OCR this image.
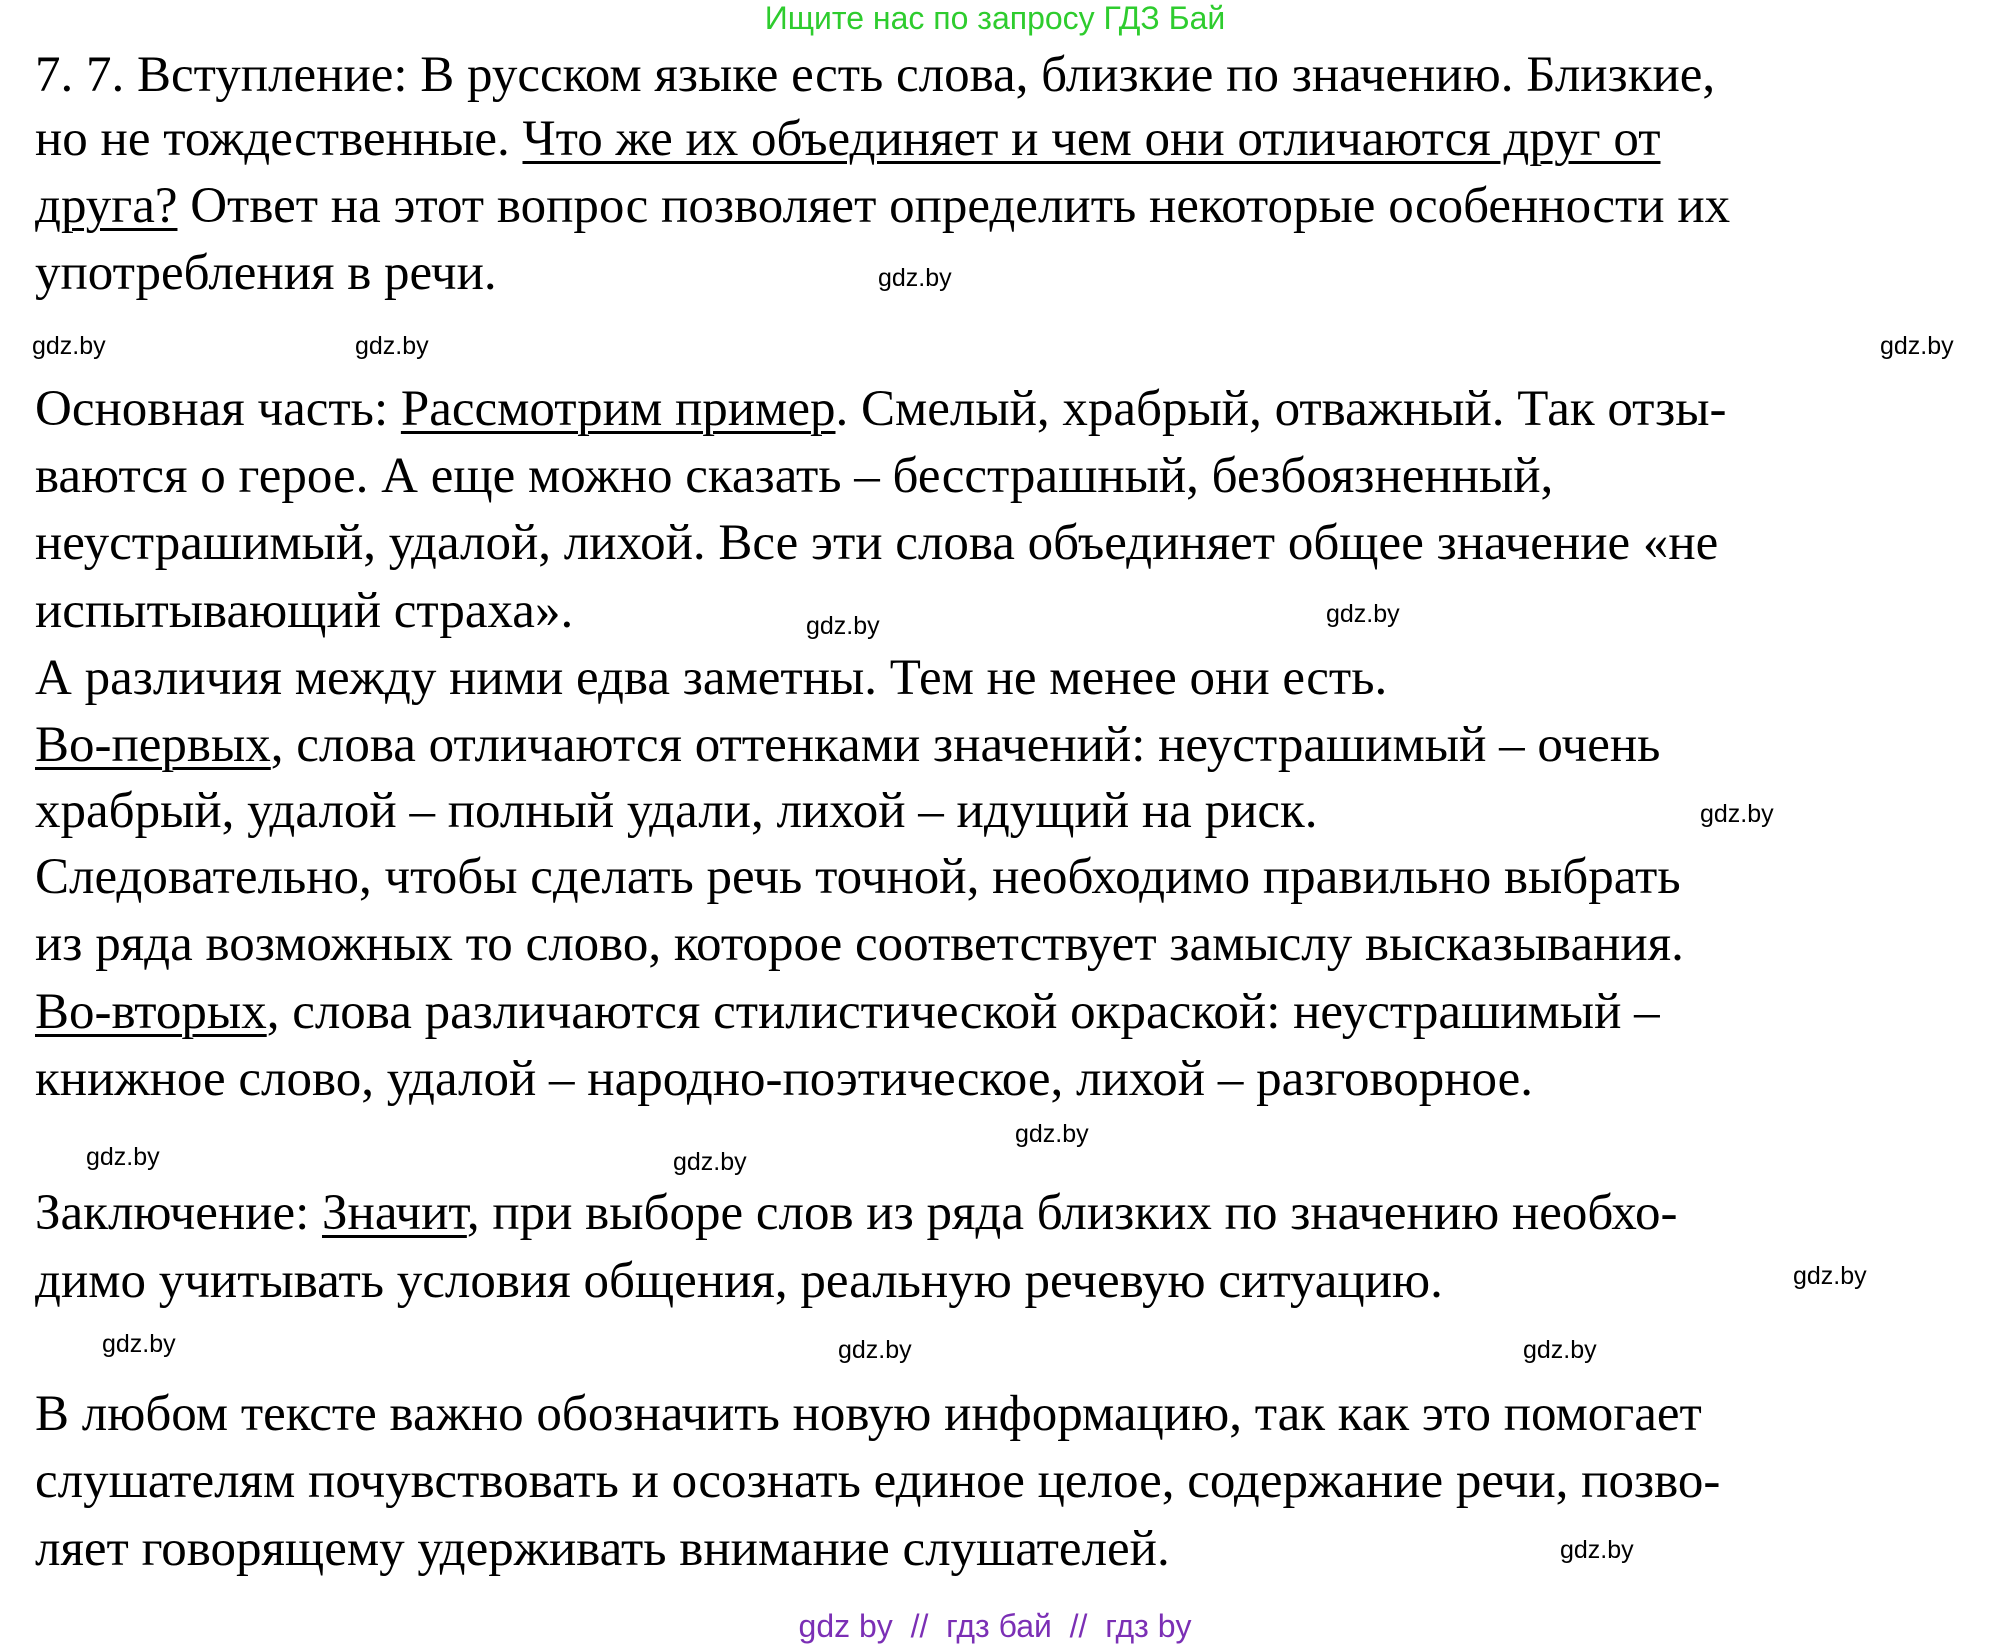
Ищите нас по запросу ГДЗ Бай
7. 7. Вступление: В русском языке есть слова, близкие по значению. Близкие,
но не тождественные. Что же их объединяет и чем они отличаются друг от
друга? Ответ на этот вопрос позволяет определить некоторые особенности их
употребления в речи.
Основная часть: Рассмотрим пример. Смелый, храбрый, отважный. Так отзы-
ваются о герое. А еще можно сказать – бесстрашный, безбоязненный,
неустрашимый, удалой, лихой. Все эти слова объединяет общее значение «не
испытывающий страха».
А различия между ними едва заметны. Тем не менее они есть.
Во-первых, слова отличаются оттенками значений: неустрашимый – очень
храбрый, удалой – полный удали, лихой – идущий на риск.
Следовательно, чтобы сделать речь точной, необходимо правильно выбрать
из ряда возможных то слово, которое соответствует замыслу высказывания.
Во-вторых, слова различаются стилистической окраской: неустрашимый –
книжное слово, удалой – народно-поэтическое, лихой – разговорное.
Заключение: Значит, при выборе слов из ряда близких по значению необхо-
димо учитывать условия общения, реальную речевую ситуацию.
В любом тексте важно обозначить новую информацию, так как это помогает
слушателям почувствовать и осознать единое целое, содержание речи, позво-
ляет говорящему удерживать внимание слушателей.
gdz.by	gdz.by
gdz.by
gdz.by
gdz.by
gdz.by
gdz.by
gdz.by
gdz.by
gdz.by
gdz.by
gdz.by	gdz.by
gdz.by
gdz.by
gdz by  //  гдз бай  //  гдз by
